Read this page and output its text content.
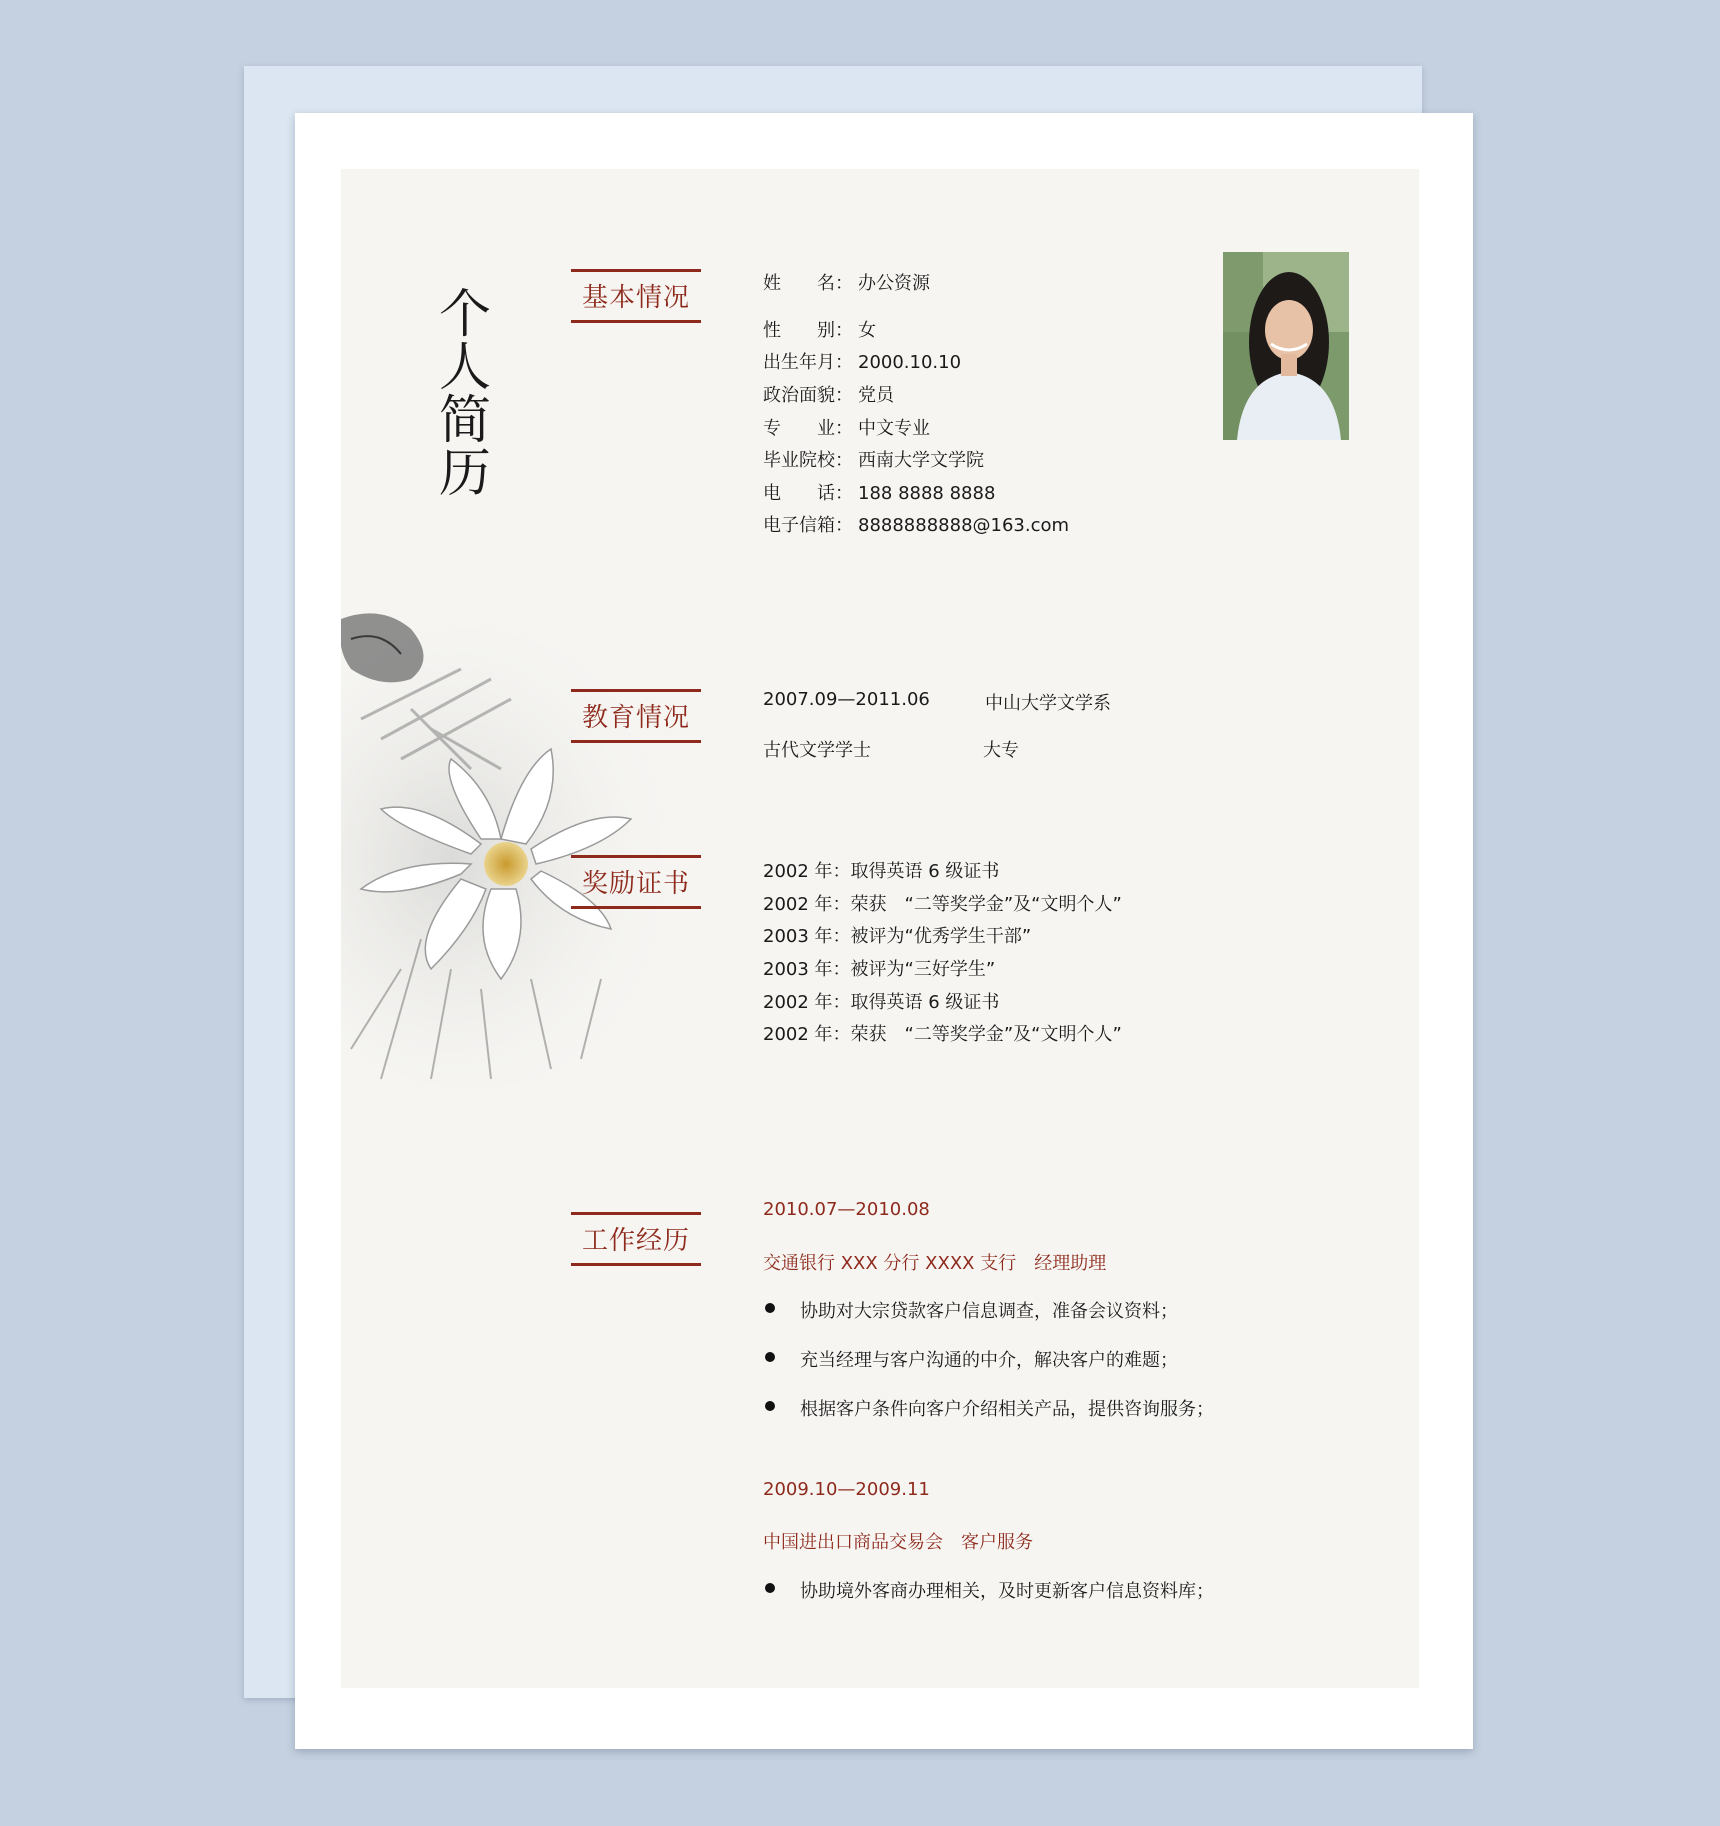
个人简历
基本情况	姓　　名： 办公资源
性　　别： 女
出生年月： 2000.10.10
政治面貌： 党员
专　　业： 中文专业
毕业院校： 西南大学文学院
电　　话： 188 8888 8888
电子信箱： 8888888888@163.com
教育情况
2007.09—2011.06	中山大学文学系
古代文学学士	大专
奖励证书	2002 年：取得英语 6 级证书
2002 年：荣获　“二等奖学金”及“文明个人”
2003 年：被评为“优秀学生干部”
2003 年：被评为“三好学生”
2002 年：取得英语 6 级证书
2002 年：荣获　“二等奖学金”及“文明个人”
工作经历
2010.07—2010.08
交通银行 XXX 分行 XXXX 支行　经理助理
协助对大宗贷款客户信息调查，准备会议资料；
充当经理与客户沟通的中介，解决客户的难题；
根据客户条件向客户介绍相关产品，提供咨询服务；
2009.10—2009.11
中国进出口商品交易会　客户服务
协助境外客商办理相关，及时更新客户信息资料库；
